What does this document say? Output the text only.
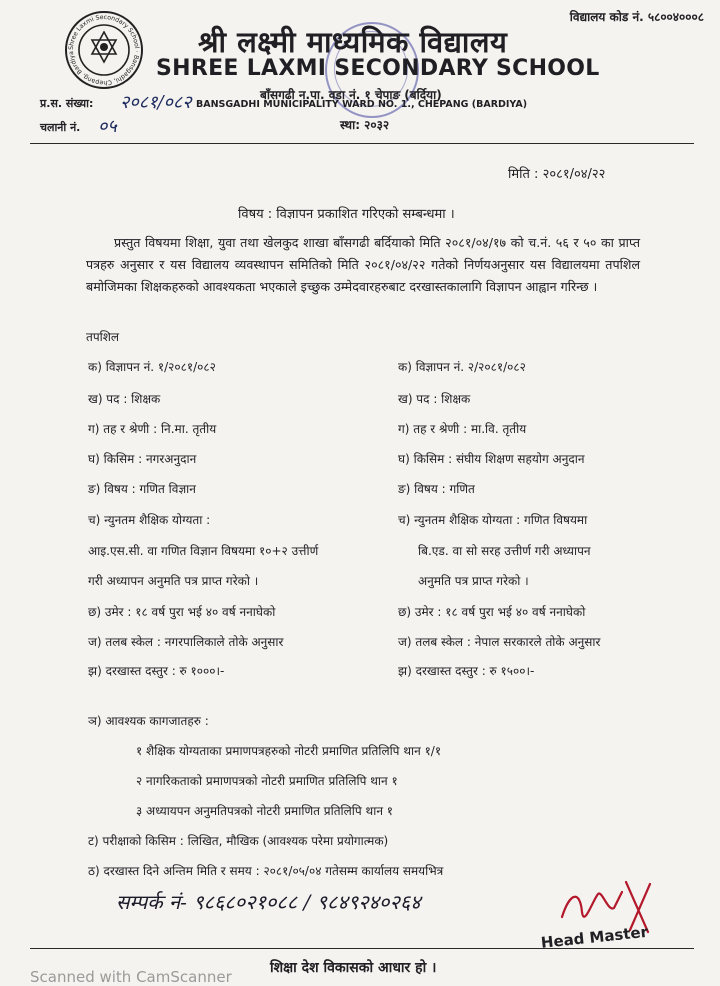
विद्यालय कोड नं. ५८००४०००८
Shree Laxmi Secondary School · Bansgadhi, Chepang, Bardiya	श्री लक्ष्मी माध्यमिक विद्यालय
SHREE LAXMI SECONDARY SCHOOL
बाँसगढी न.पा. वडा नं. १ चेपाङ (बर्दिया)
BANSGADHI MUNICIPALITY WARD NO. 1., CHEPANG (BARDIYA)
स्था: २०३२
प्र.स. संख्या: २०८१/०८२
चलानी नं. ०५
मिति : २०८१/०४/२२
विषय : विज्ञापन प्रकाशित गरिएको सम्बन्धमा ।
प्रस्तुत विषयमा शिक्षा, युवा तथा खेलकुद शाखा बाँसगढी बर्दियाको मिति २०८१/०४/१७ को च.नं. ५६ र ५० का प्राप्त पत्रहरु अनुसार र यस विद्यालय व्यवस्थापन समितिको मिति २०८१/०४/२२ गतेको निर्णयअनुसार यस विद्यालयमा तपशिल बमोजिमका शिक्षकहरुको आवश्यकता भएकाले इच्छुक उम्मेदवारहरुबाट दरखास्तकालागि विज्ञापन आह्वान गरिन्छ ।
तपशिल
क) विज्ञापन नं. १/२०८१/०८२
ख) पद : शिक्षक
ग) तह र श्रेणी : नि.मा. तृतीय
घ) किसिम : नगरअनुदान
ङ) विषय : गणित विज्ञान
च) न्युनतम शैक्षिक योग्यता :
आइ.एस.सी. वा गणित विज्ञान विषयमा १०+२ उत्तीर्ण
गरी अध्यापन अनुमति पत्र प्राप्त गरेको ।
छ) उमेर : १८ वर्ष पुरा भई ४० वर्ष ननाघेको
ज) तलब स्केल : नगरपालिकाले तोके अनुसार
झ) दरखास्त दस्तुर : रु १०००।-
क) विज्ञापन नं. २/२०८१/०८२
ख) पद : शिक्षक
ग) तह र श्रेणी : मा.वि. तृतीय
घ) किसिम : संघीय शिक्षण सहयोग अनुदान
ङ) विषय : गणित
च) न्युनतम शैक्षिक योग्यता : गणित विषयमा
बि.एड. वा सो सरह उत्तीर्ण गरी अध्यापन
अनुमति पत्र प्राप्त गरेको ।
छ) उमेर : १८ वर्ष पुरा भई ४० वर्ष ननाघेको
ज) तलब स्केल : नेपाल सरकारले तोके अनुसार
झ) दरखास्त दस्तुर : रु १५००।-
ञ) आवश्यक कागजातहरु :
१ शैक्षिक योग्यताका प्रमाणपत्रहरुको नोटरी प्रमाणित प्रतिलिपि थान १/१
२ नागरिकताको प्रमाणपत्रको नोटरी प्रमाणित प्रतिलिपि थान १
३ अध्यायपन अनुमतिपत्रको नोटरी प्रमाणित प्रतिलिपि थान १
ट) परीक्षाको किसिम : लिखित, मौखिक (आवश्यक परेमा प्रयोगात्मक)
ठ) दरखास्त दिने अन्तिम मिति र समय : २०८१/०५/०४ गतेसम्म कार्यालय समयभित्र
सम्पर्क नं- ९८६८०२१०८८ / ९८४९२४०२६४
Head Master
Scanned with CamScanner	शिक्षा देश विकासको आधार हो ।
